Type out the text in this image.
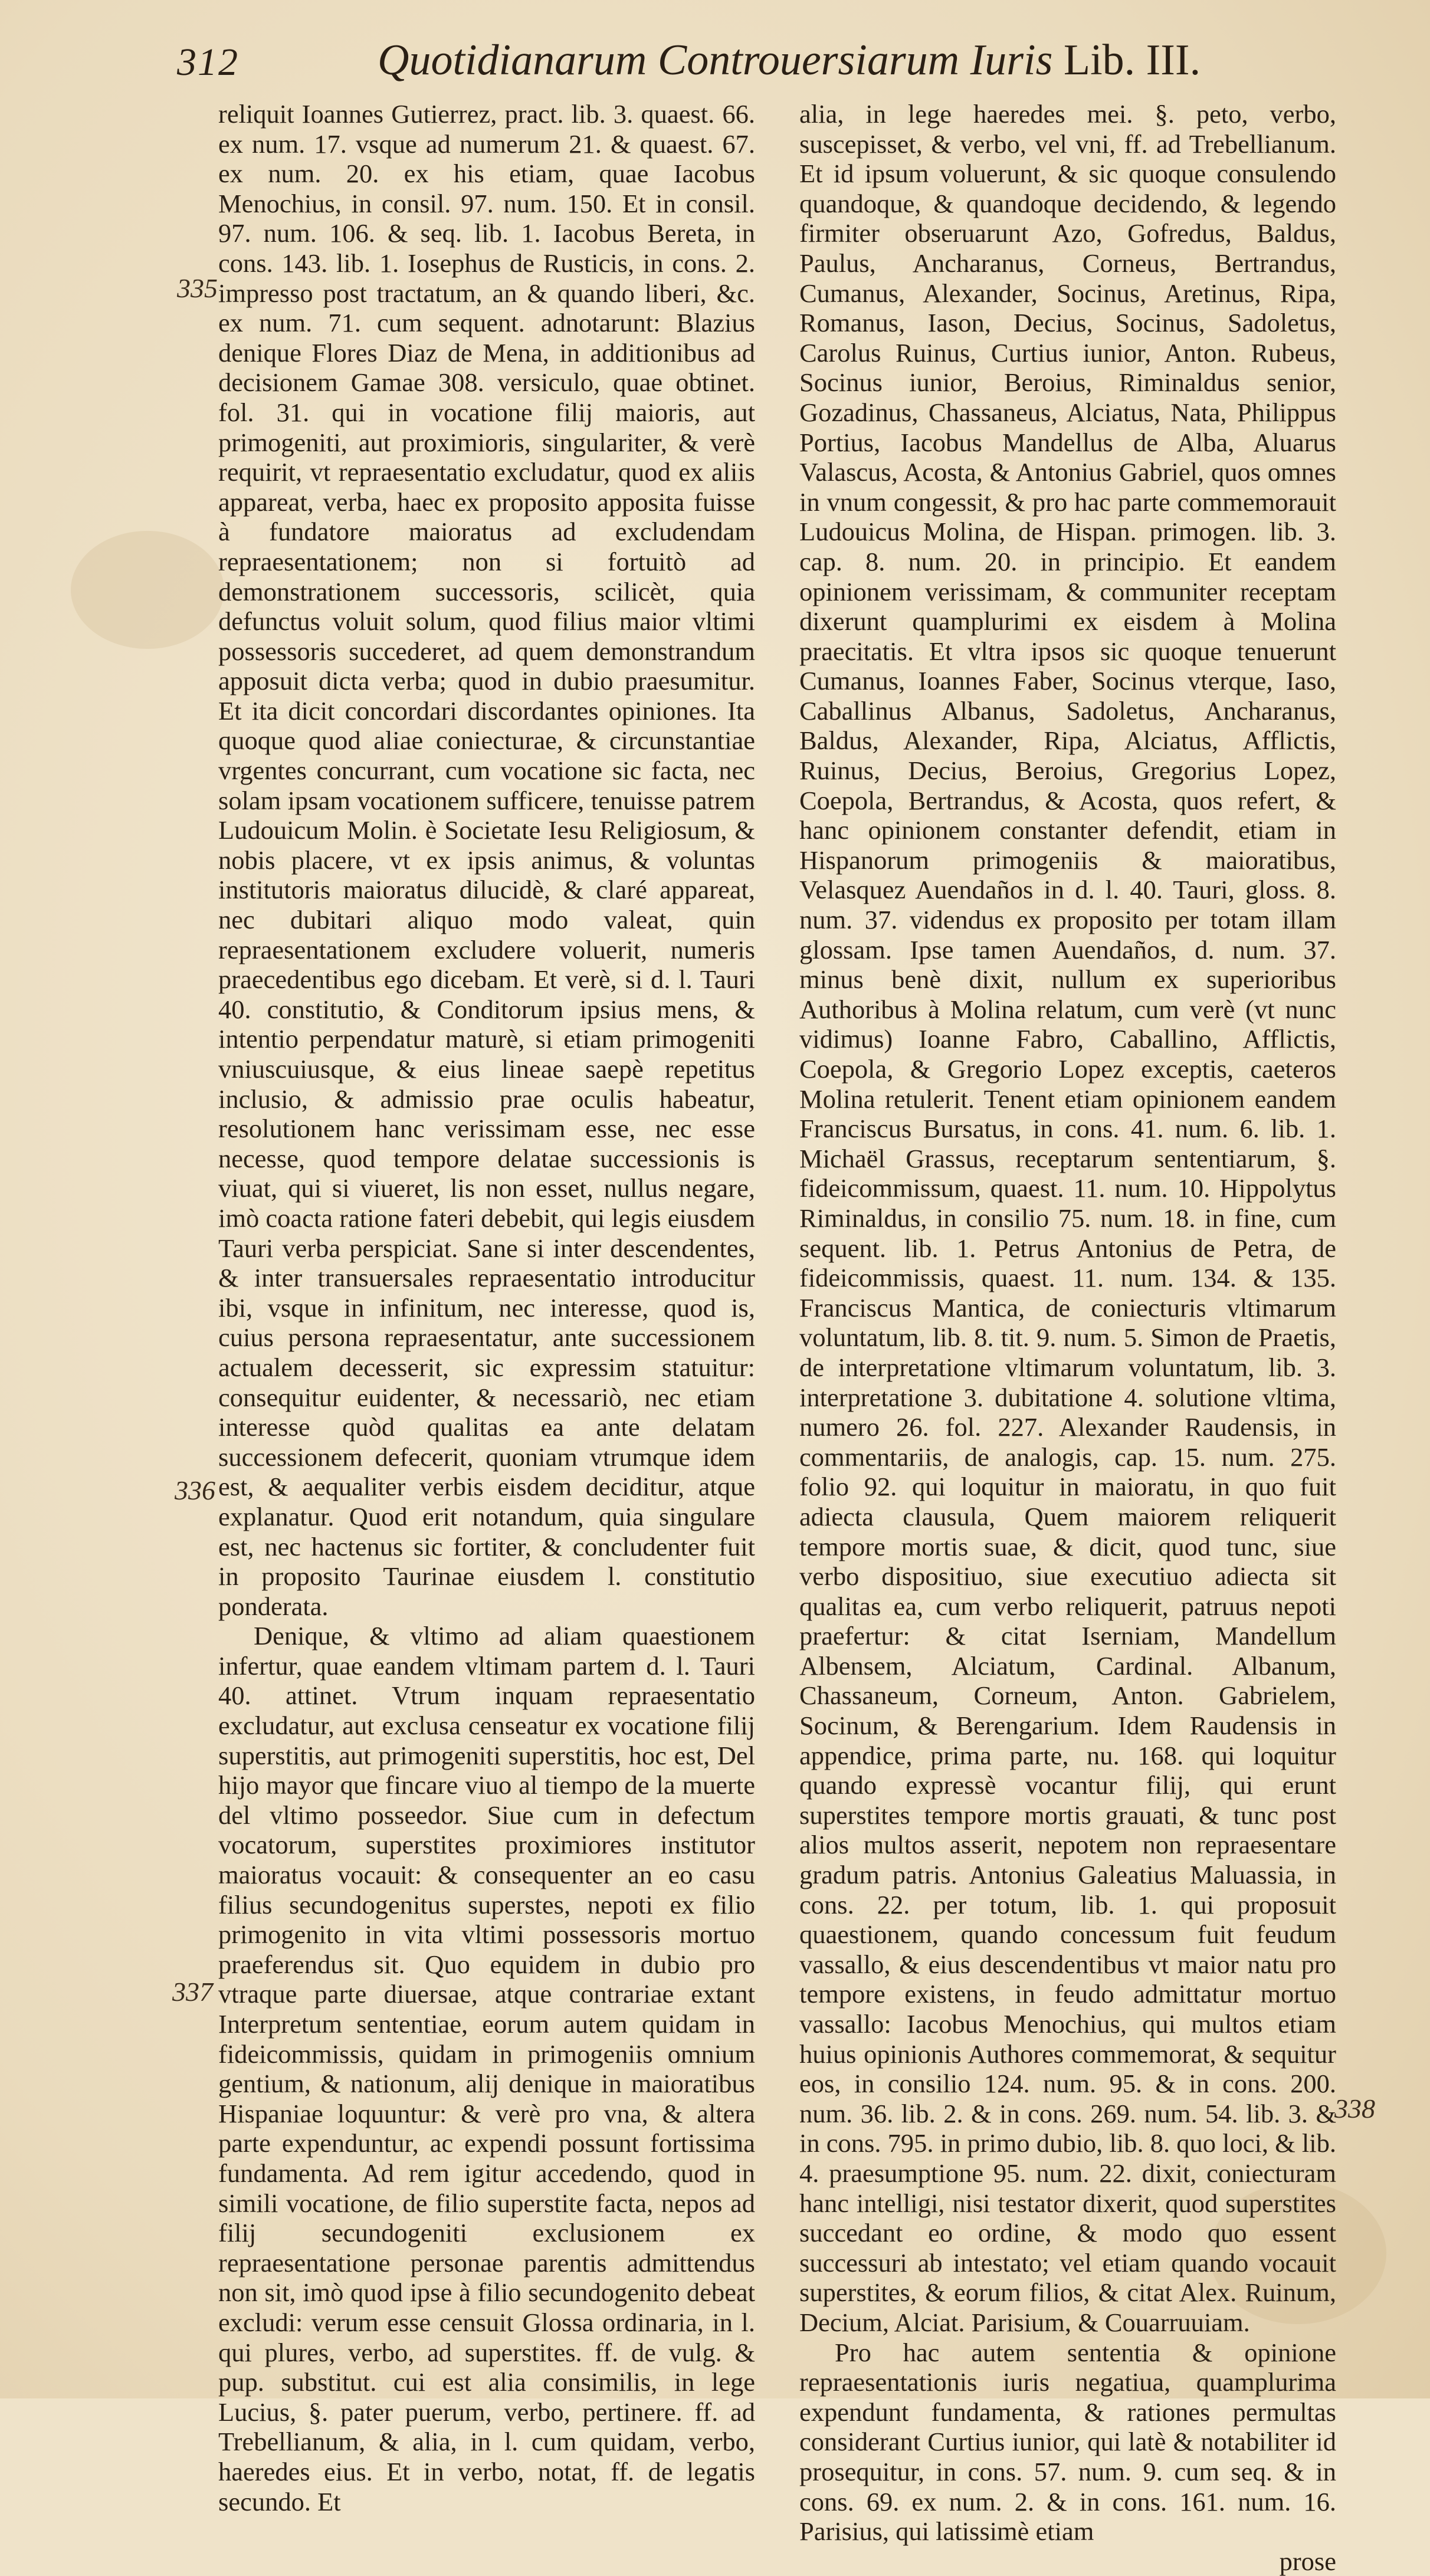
312	Quotidianarum Controuersiarum Iuris Lib. III.
335
336
337
338

reliquit Ioannes Gutierrez, pract. lib. 3. quaest. 66. ex num. 17. vsque ad numerum 21. & quaest. 67. ex num. 20. ex his etiam, quae Iacobus Menochius, in consil. 97. num. 150. Et in consil. 97. num. 106. & seq. lib. 1. Iacobus Bereta, in cons. 143. lib. 1. Iosephus de Rusticis, in cons. 2. impresso post tractatum, an & quando liberi, &c. ex num. 71. cum sequent. adnotarunt: Blazius denique Flores Diaz de Mena, in additionibus ad decisionem Gamae 308. versiculo, quae obtinet. fol. 31. qui in vocatione filij maioris, aut primogeniti, aut proximioris, singulariter, & verè requirit, vt repraesentatio excludatur, quod ex aliis appareat, verba, haec ex proposito apposita fuisse à fundatore maioratus ad excludendam repraesentationem; non si fortuitò ad demonstrationem successoris, scilicèt, quia defunctus voluit solum, quod filius maior vltimi possessoris succederet, ad quem demonstrandum apposuit dicta verba; quod in dubio praesumitur. Et ita dicit concordari discordantes opiniones. Ita quoque quod aliae coniecturae, & circunstantiae vrgentes concurrant, cum vocatione sic facta, nec solam ipsam vocationem sufficere, tenuisse patrem Ludouicum Molin. è Societate Iesu Religiosum, & nobis placere, vt ex ipsis animus, & voluntas institutoris maioratus dilucidè, & claré appareat, nec dubitari aliquo modo valeat, quin repraesentationem excludere voluerit, numeris praecedentibus ego dicebam. Et verè, si d. l. Tauri 40. constitutio, & Conditorum ipsius mens, & intentio perpendatur maturè, si etiam primogeniti vniuscuiusque, & eius lineae saepè repetitus inclusio, & admissio prae oculis habeatur, resolutionem hanc verissimam esse, nec esse necesse, quod tempore delatae successionis is viuat, qui si viueret, lis non esset, nullus negare, imò coacta ratione fateri debebit, qui legis eiusdem Tauri verba perspiciat. Sane si inter descendentes, & inter transuersales repraesentatio introducitur ibi, vsque in infinitum, nec interesse, quod is, cuius persona repraesentatur, ante successionem actualem decesserit, sic expressim statuitur: consequitur euidenter, & necessariò, nec etiam interesse quòd qualitas ea ante delatam successionem defecerit, quoniam vtrumque idem est, & aequaliter verbis eisdem deciditur, atque explanatur. Quod erit notandum, quia singulare est, nec hactenus sic fortiter, & concludenter fuit in proposito Taurinae eiusdem l. constitutio ponderata.

Denique, & vltimo ad aliam quaestionem infertur, quae eandem vltimam partem d. l. Tauri 40. attinet. Vtrum inquam repraesentatio excludatur, aut exclusa censeatur ex vocatione filij superstitis, aut primogeniti superstitis, hoc est, Del hijo mayor que fincare viuo al tiempo de la muerte del vltimo posseedor. Siue cum in defectum vocatorum, superstites proximiores institutor maioratus vocauit: & consequenter an eo casu filius secundogenitus superstes, nepoti ex filio primogenito in vita vltimi possessoris mortuo praeferendus sit. Quo equidem in dubio pro vtraque parte diuersae, atque contrariae extant Interpretum sententiae, eorum autem quidam in fideicommissis, quidam in primogeniis omnium gentium, & nationum, alij denique in maioratibus Hispaniae loquuntur: & verè pro vna, & altera parte expenduntur, ac expendi possunt fortissima fundamenta. Ad rem igitur accedendo, quod in simili vocatione, de filio superstite facta, nepos ad filij secundogeniti exclusionem ex repraesentatione personae parentis admittendus non sit, imò quod ipse à filio secundogenito debeat excludi: verum esse censuit Glossa ordinaria, in l. qui plures, verbo, ad superstites. ff. de vulg. & pup. substitut. cui est alia consimilis, in lege Lucius, §. pater puerum, verbo, pertinere. ff. ad Trebellianum, & alia, in l. cum quidam, verbo, haeredes eius. Et in verbo, notat, ff. de legatis secundo. Et

alia, in lege haeredes mei. §. peto, verbo, suscepisset, & verbo, vel vni, ff. ad Trebellianum. Et id ipsum voluerunt, & sic quoque consulendo quandoque, & quandoque decidendo, & legendo firmiter obseruarunt Azo, Gofredus, Baldus, Paulus, Ancharanus, Corneus, Bertrandus, Cumanus, Alexander, Socinus, Aretinus, Ripa, Romanus, Iason, Decius, Socinus, Sadoletus, Carolus Ruinus, Curtius iunior, Anton. Rubeus, Socinus iunior, Beroius, Riminaldus senior, Gozadinus, Chassaneus, Alciatus, Nata, Philippus Portius, Iacobus Mandellus de Alba, Aluarus Valascus, Acosta, & Antonius Gabriel, quos omnes in vnum congessit, & pro hac parte commemorauit Ludouicus Molina, de Hispan. primogen. lib. 3. cap. 8. num. 20. in principio. Et eandem opinionem verissimam, & communiter receptam dixerunt quamplurimi ex eisdem à Molina praecitatis. Et vltra ipsos sic quoque tenuerunt Cumanus, Ioannes Faber, Socinus vterque, Iaso, Caballinus Albanus, Sadoletus, Ancharanus, Baldus, Alexander, Ripa, Alciatus, Afflictis, Ruinus, Decius, Beroius, Gregorius Lopez, Coepola, Bertrandus, & Acosta, quos refert, & hanc opinionem constanter defendit, etiam in Hispanorum primogeniis & maioratibus, Velasquez Auendaños in d. l. 40. Tauri, gloss. 8. num. 37. videndus ex proposito per totam illam glossam. Ipse tamen Auendaños, d. num. 37. minus benè dixit, nullum ex superioribus Authoribus à Molina relatum, cum verè (vt nunc vidimus) Ioanne Fabro, Caballino, Afflictis, Coepola, & Gregorio Lopez exceptis, caeteros Molina retulerit. Tenent etiam opinionem eandem Franciscus Bursatus, in cons. 41. num. 6. lib. 1. Michaël Grassus, receptarum sententiarum, §. fideicommissum, quaest. 11. num. 10. Hippolytus Riminaldus, in consilio 75. num. 18. in fine, cum sequent. lib. 1. Petrus Antonius de Petra, de fideicommissis, quaest. 11. num. 134. & 135. Franciscus Mantica, de coniecturis vltimarum voluntatum, lib. 8. tit. 9. num. 5. Simon de Praetis, de interpretatione vltimarum voluntatum, lib. 3. interpretatione 3. dubitatione 4. solutione vltima, numero 26. fol. 227. Alexander Raudensis, in commentariis, de analogis, cap. 15. num. 275. folio 92. qui loquitur in maioratu, in quo fuit adiecta clausula, Quem maiorem reliquerit tempore mortis suae, & dicit, quod tunc, siue verbo dispositiuo, siue executiuo adiecta sit qualitas ea, cum verbo reliquerit, patruus nepoti praefertur: & citat Iserniam, Mandellum Albensem, Alciatum, Cardinal. Albanum, Chassaneum, Corneum, Anton. Gabrielem, Socinum, & Berengarium. Idem Raudensis in appendice, prima parte, nu. 168. qui loquitur quando expressè vocantur filij, qui erunt superstites tempore mortis grauati, & tunc post alios multos asserit, nepotem non repraesentare gradum patris. Antonius Galeatius Maluassia, in cons. 22. per totum, lib. 1. qui proposuit quaestionem, quando concessum fuit feudum vassallo, & eius descendentibus vt maior natu pro tempore existens, in feudo admittatur mortuo vassallo: Iacobus Menochius, qui multos etiam huius opinionis Authores commemorat, & sequitur eos, in consilio 124. num. 95. & in cons. 200. num. 36. lib. 2. & in cons. 269. num. 54. lib. 3. & in cons. 795. in primo dubio, lib. 8. quo loci, & lib. 4. praesumptione 95. num. 22. dixit, coniecturam hanc intelligi, nisi testator dixerit, quod superstites succedant eo ordine, & modo quo essent successuri ab intestato; vel etiam quando vocauit superstites, & eorum filios, & citat Alex. Ruinum, Decium, Alciat. Parisium, & Couarruuiam.

Pro hac autem sententia & opinione repraesentationis iuris negatiua, quamplurima expendunt fundamenta, & rationes permultas considerant Curtius iunior, qui latè & notabiliter id prosequitur, in cons. 57. num. 9. cum seq. & in cons. 69. ex num. 2. & in cons. 161. num. 16. Parisius, qui latissimè etiam

prose
